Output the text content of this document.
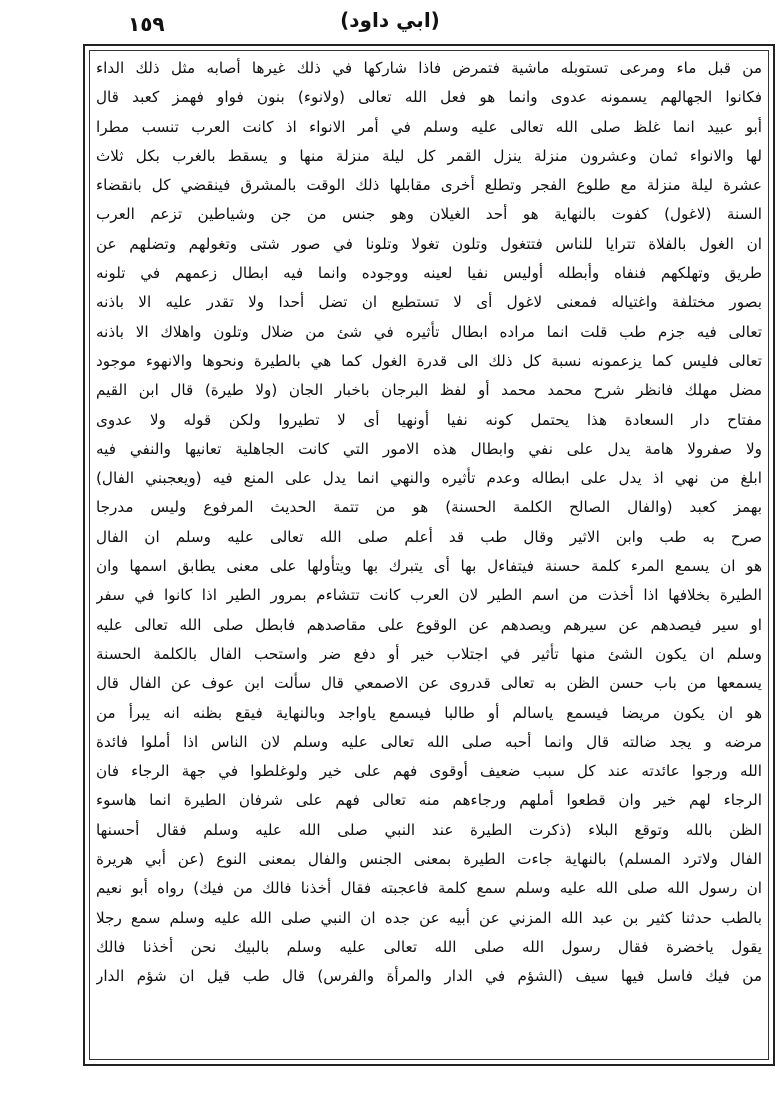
١٥٩	(ابي داود)
من قبل ماء ومرعى تستوبله ماشية فتمرض فاذا شاركها في ذلك غيرها أصابه مثل ذلك الداء
فكانوا الجهالهم يسمونه عدوى وانما هو فعل الله تعالى (ولانوء) بنون فواو فهمز كعبد قال
أبو عبيد انما غلظ صلى الله تعالى عليه وسلم في أمر الانواء اذ كانت العرب تنسب مطرا
لها والانواء ثمان وعشرون منزلة ينزل القمر كل ليلة منزلة منها و يسقط بالغرب بكل ثلاث
عشرة ليلة منزلة مع طلوع الفجر وتطلع أخرى مقابلها ذلك الوقت بالمشرق فينقضي كل بانقضاء
السنة (لاغول) كفوت بالنهاية هو أحد الغيلان وهو جنس من جن وشياطين تزعم العرب
ان الغول بالفلاة تترايا للناس فتتغول وتلون تغولا وتلونا في صور شتى وتغولهم وتضلهم عن
طريق وتهلكهم فنفاه وأبطله أوليس نفيا لعينه ووجوده وانما فيه ابطال زعمهم في تلونه
بصور مختلفة واغتياله فمعنى لاغول أى لا تستطيع ان تضل أحدا ولا تقدر عليه الا باذنه
تعالى فيه جزم طب قلت انما مراده ابطال تأثيره في شئ من ضلال وتلون واهلاك الا باذنه
تعالى فليس كما يزعمونه نسبة كل ذلك الى قدرة الغول كما هي بالطيرة ونحوها والانهوء موجود
مضل مهلك فانظر شرح محمد محمد أو لفظ البرجان باخبار الجان (ولا طيرة) قال ابن القيم
مفتاح دار السعادة هذا يحتمل كونه نفيا أونهيا أى لا تطيروا ولكن قوله ولا عدوى
ولا صفرولا هامة يدل على نفي وابطال هذه الامور التي كانت الجاهلية تعانيها والنفي فيه
ابلغ من نهي اذ يدل على ابطاله وعدم تأثيره والنهي انما يدل على المنع فيه (ويعجبني الفال)
بهمز كعبد (والفال الصالح الكلمة الحسنة) هو من تتمة الحديث المرفوع وليس مدرجا
صرح به طب وابن الاثير وقال طب قد أعلم صلى الله تعالى عليه وسلم ان الفال
هو ان يسمع المرء كلمة حسنة فيتفاءل بها أى يتبرك بها ويتأولها على معنى يطابق اسمها وان
الطيرة بخلافها اذا أخذت من اسم الطير لان العرب كانت تتشاءم بمرور الطير اذا كانوا في سفر
او سير فيصدهم عن سيرهم ويصدهم عن الوقوع على مقاصدهم فابطل صلى الله تعالى عليه
وسلم ان يكون الشئ منها تأثير في اجتلاب خير أو دفع ضر واستحب الفال بالكلمة الحسنة
يسمعها من باب حسن الظن به تعالى قدروى عن الاصمعي قال سألت ابن عوف عن الفال قال
هو ان يكون مريضا فيسمع ياسالم أو طالبا فيسمع ياواجد وبالنهاية فيقع بظنه انه يبرأ من
مرضه و يجد ضالته قال وانما أحبه صلى الله تعالى عليه وسلم لان الناس اذا أملوا فائدة
الله ورجوا عائدته عند كل سبب ضعيف أوقوى فهم على خير ولوغلطوا في جهة الرجاء فان
الرجاء لهم خير وان قطعوا أملهم ورجاءهم منه تعالى فهم على شرفان الطيرة انما هاسوء
الظن بالله وتوقع البلاء (ذكرت الطيرة عند النبي صلى الله عليه وسلم فقال أحسنها
الفال ولاترد المسلم) بالنهاية جاءت الطيرة بمعنى الجنس والفال بمعنى النوع (عن أبي هريرة
ان رسول الله صلى الله عليه وسلم سمع كلمة فاعجبته فقال أخذنا فالك من فيك) رواه أبو نعيم
بالطب حدثنا كثير بن عبد الله المزني عن أبيه عن جده ان النبي صلى الله عليه وسلم سمع رجلا
يقول ياخضرة فقال رسول الله صلى الله تعالى عليه وسلم بالبيك نحن أخذنا فالك
من فيك فاسل فيها سيف (الشؤم في الدار والمرأة والفرس) قال طب قيل ان شؤم الدار
